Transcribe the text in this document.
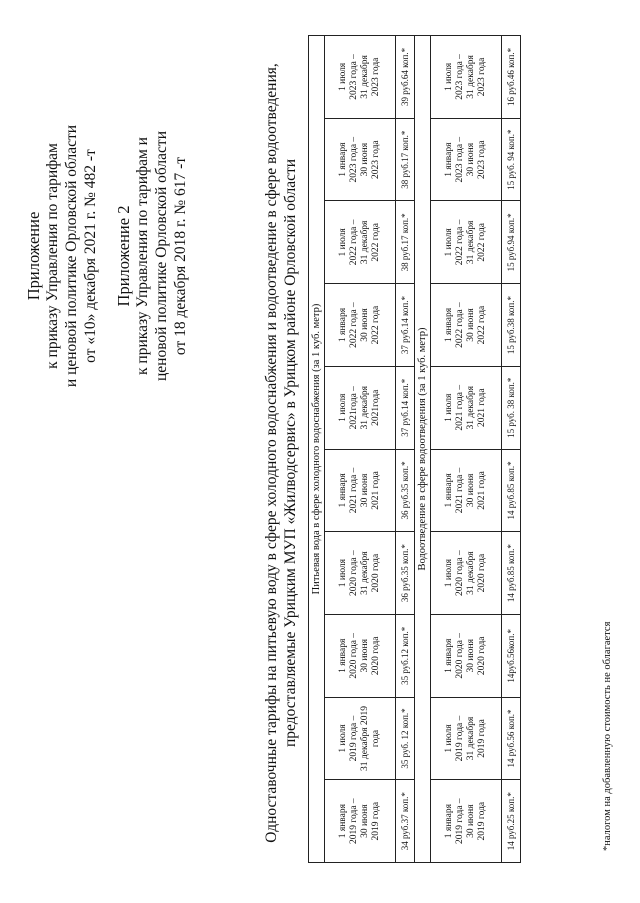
Приложение к приказу Управления по тарифам и ценовой политике Орловской области от «10» декабря 2021 г. № 482 -т Приложение 2 к приказу Управления по тарифам и ценовой политике Орловской области от 18 декабря 2018 г. № 617 -т	Одноставочные тарифы на питьевую воду в сфере холодного водоснабжения и водоотведение в сфере водоотведения, предоставляемые Урицким МУП «Жилводсервис» в Урицком районе Орловской области Питьевая вода в сфере холодного водоснабжения (за 1 куб. метр)									
1 января
2019 года –
30 июня
2019 года	1 июля
2019 года –
31 декабря 2019
года	1 января
2020 года –
30 июня
2020 года	1 июля
2020 года –
31 декабря
2020 года	1 января
2021 года –
30 июня
2021 года	1 июля
2021года –
31 декабря
2021года	1 января
2022 года –
30 июня
2022 года	1 июля
2022 года –
31 декабря
2022 года	1 января
2023 года –
30 июня
2023 года	1 июля
2023 года –
31 декабря
2023 года
34 руб.37 коп.*	35 руб. 12 коп.*	35 руб.12 коп.*	36 руб.35 коп.*	36 руб.35 коп.*	37 руб.14 коп.*	37 руб.14 коп.*	38 руб.17 коп.*	38 руб.17 коп.*	39 руб.64 коп.*
Водоотведение в сфере водоотведения (за 1 куб. метр)									
1 января
2019 года –
30 июня
2019 года	1 июля
2019 года –
31 декабря
2019 года	1 января
2020 года –
30 июня
2020 года	1 июля
2020 года –
31 декабря
2020 года	1 января
2021 года –
30 июня
2021 года	1 июля
2021 года –
31 декабря
2021 года	1 января
2022 года –
30 июня
2022 года	1 июля
2022 года –
31 декабря
2022 года	1 января
2023 года –
30 июня
2023 года	1 июля
2023 года –
31 декабря
2023 года
14 руб.25 коп.*	14 руб.56 коп.*	14руб.56коп.*	14 руб.85 коп.*	14 руб.85 коп.*	15 руб. 38 коп.*	15 руб.38 коп.*	15 руб.94 коп.*	15 руб. 94 коп.*	16 руб.46 коп.*
*налогом на добавленную стоимость не облагается
